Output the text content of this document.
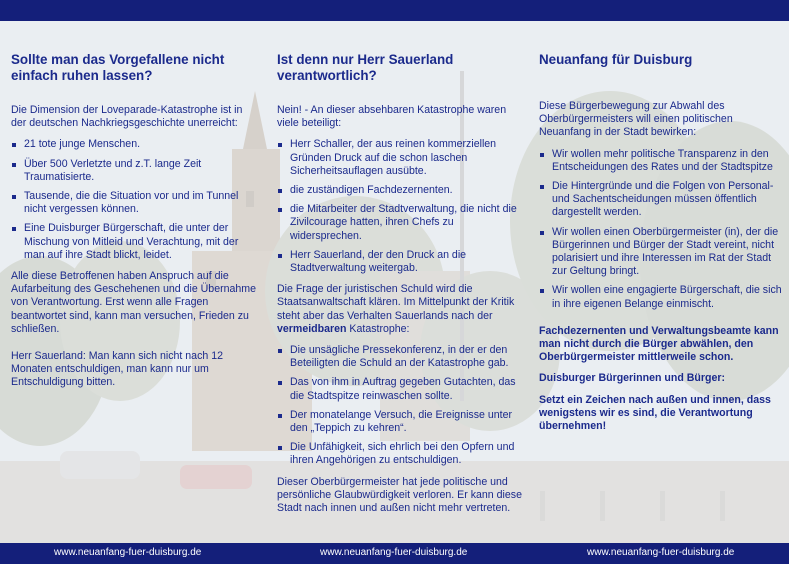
Sollte man das Vorgefallene nicht einfach ruhen lassen?

Die Dimension der Loveparade-Katastrophe ist in der deutschen Nachkriegsgeschichte unerreicht:

21 tote junge Menschen.
Über 500 Verletzte und z.T. lange Zeit Traumatisierte.
Tausende, die die Situation vor und im Tunnel nicht vergessen können.
Eine Duisburger Bürgerschaft, die unter der Mischung von Mitleid und Verachtung, mit der man auf ihre Stadt blickt, leidet.

Alle diese Betroffenen haben Anspruch auf die Aufarbeitung des Geschehenen und die Übernahme von Verantwortung. Erst wenn alle Fragen beantwortet sind, kann man versuchen, Frieden zu schließen.

Herr Sauerland: Man kann sich nicht nach 12 Monaten entschuldigen, man kann nur um Entschuldigung bitten.

Ist denn nur Herr Sauerland verantwortlich?

Nein! - An dieser absehbaren Katastrophe waren viele beteiligt:

Herr Schaller, der aus reinen kommerziellen Gründen Druck auf die schon laschen Sicherheitsauflagen ausübte.
die zuständigen Fachdezernenten.
die Mitarbeiter der Stadtverwaltung, die nicht die Zivilcourage hatten, ihren Chefs zu widersprechen.
Herr Sauerland, der den Druck an die Stadtverwaltung weitergab.

Die Frage der juristischen Schuld wird die Staatsanwaltschaft klären. Im Mittelpunkt der Kritik steht aber das Verhalten Sauerlands nach der vermeidbaren Katastrophe:

Die unsägliche Pressekonferenz, in der er den Beteiligten die Schuld an der Katastrophe gab.
Das von ihm in Auftrag gegeben Gutachten, das die Stadtspitze reinwaschen sollte.
Der monatelange Versuch, die Ereignisse unter den „Teppich zu kehren“.
Die Unfähigkeit, sich ehrlich bei den Opfern und ihren Angehörigen zu entschuldigen.

Dieser Oberbürgermeister hat jede politische und persönliche Glaubwürdigkeit verloren. Er kann diese Stadt nach innen und außen nicht mehr vertreten.

Neuanfang für Duisburg

Diese Bürgerbewegung zur Abwahl des Oberbürgermeisters will einen politischen Neuanfang in der Stadt bewirken:

Wir wollen mehr politische Transparenz in den Entscheidungen des Rates und der Stadtspitze
Die Hintergründe und die Folgen von Personal- und Sachentscheidungen müssen öffentlich dargestellt werden.
Wir wollen einen Oberbürgermeister (in), der die Bürgerinnen und Bürger der Stadt vereint, nicht polarisiert und ihre Interessen im Rat der Stadt zur Geltung bringt.
Wir wollen eine engagierte Bürgerschaft, die sich in ihre eigenen Belange einmischt.

Fachdezernenten und Verwaltungsbeamte kann man nicht durch die Bürger abwählen, den Oberbürgermeister mittlerweile schon.

Duisburger Bürgerinnen und Bürger:

Setzt ein Zeichen nach außen und innen, dass wenigstens wir es sind, die Verantwortung übernehmen!

www.neuanfang-fuer-duisburg.de	www.neuanfang-fuer-duisburg.de	www.neuanfang-fuer-duisburg.de
